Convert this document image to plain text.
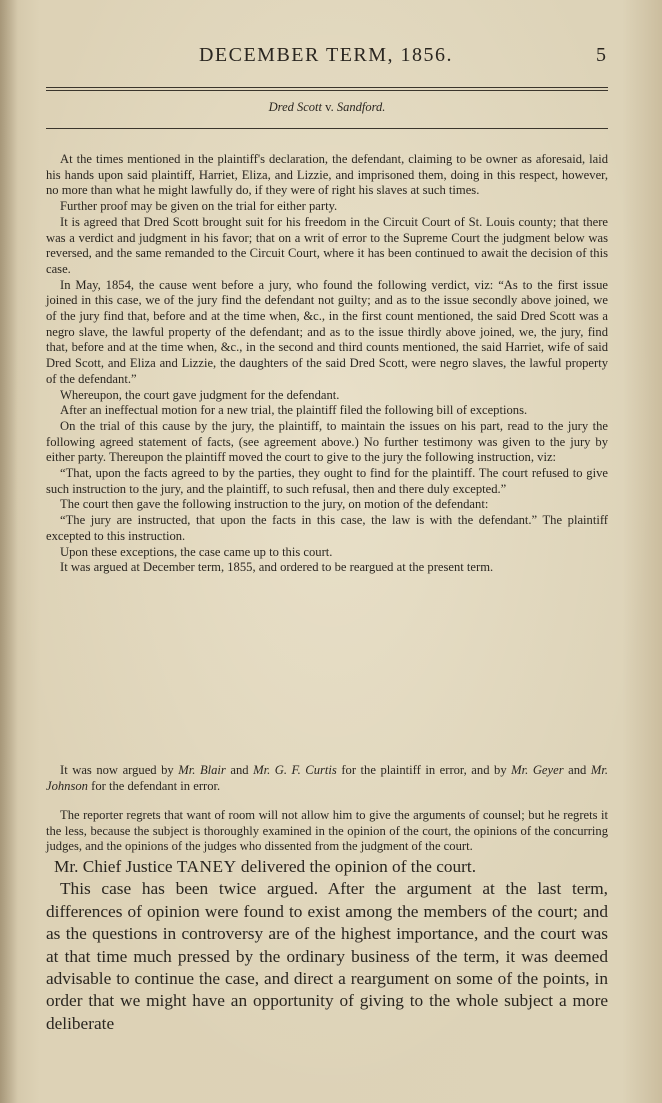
DECEMBER TERM, 1856.	5
Dred Scott v. Sandford.

At the times mentioned in the plaintiff's declaration, the defendant, claiming to be owner as aforesaid, laid his hands upon said plaintiff, Harriet, Eliza, and Lizzie, and imprisoned them, doing in this respect, however, no more than what he might lawfully do, if they were of right his slaves at such times.

Further proof may be given on the trial for either party.

It is agreed that Dred Scott brought suit for his freedom in the Circuit Court of St. Louis county; that there was a verdict and judgment in his favor; that on a writ of error to the Supreme Court the judgment below was reversed, and the same remanded to the Circuit Court, where it has been continued to await the decision of this case.

In May, 1854, the cause went before a jury, who found the following verdict, viz: “As to the first issue joined in this case, we of the jury find the defendant not guilty; and as to the issue secondly above joined, we of the jury find that, before and at the time when, &c., in the first count mentioned, the said Dred Scott was a negro slave, the lawful property of the defendant; and as to the issue thirdly above joined, we, the jury, find that, before and at the time when, &c., in the second and third counts mentioned, the said Harriet, wife of said Dred Scott, and Eliza and Lizzie, the daughters of the said Dred Scott, were negro slaves, the lawful property of the defendant.”

Whereupon, the court gave judgment for the defendant.

After an ineffectual motion for a new trial, the plaintiff filed the following bill of exceptions.

On the trial of this cause by the jury, the plaintiff, to maintain the issues on his part, read to the jury the following agreed statement of facts, (see agreement above.) No further testimony was given to the jury by either party. Thereupon the plaintiff moved the court to give to the jury the following instruction, viz:

“That, upon the facts agreed to by the parties, they ought to find for the plaintiff. The court refused to give such instruction to the jury, and the plaintiff, to such refusal, then and there duly excepted.”

The court then gave the following instruction to the jury, on motion of the defendant:

“The jury are instructed, that upon the facts in this case, the law is with the defendant.” The plaintiff excepted to this instruction.

Upon these exceptions, the case came up to this court.

It was argued at December term, 1855, and ordered to be reargued at the present term.

It was now argued by Mr. Blair and Mr. G. F. Curtis for the plaintiff in error, and by Mr. Geyer and Mr. Johnson for the defendant in error.

The reporter regrets that want of room will not allow him to give the arguments of counsel; but he regrets it the less, because the subject is thoroughly examined in the opinion of the court, the opinions of the concurring judges, and the opinions of the judges who dissented from the judgment of the court.

Mr. Chief Justice TANEY delivered the opinion of the court.

This case has been twice argued. After the argument at the last term, differences of opinion were found to exist among the members of the court; and as the questions in controversy are of the highest importance, and the court was at that time much pressed by the ordinary business of the term, it was deemed advisable to continue the case, and direct a reargument on some of the points, in order that we might have an opportunity of giving to the whole subject a more deliberate
